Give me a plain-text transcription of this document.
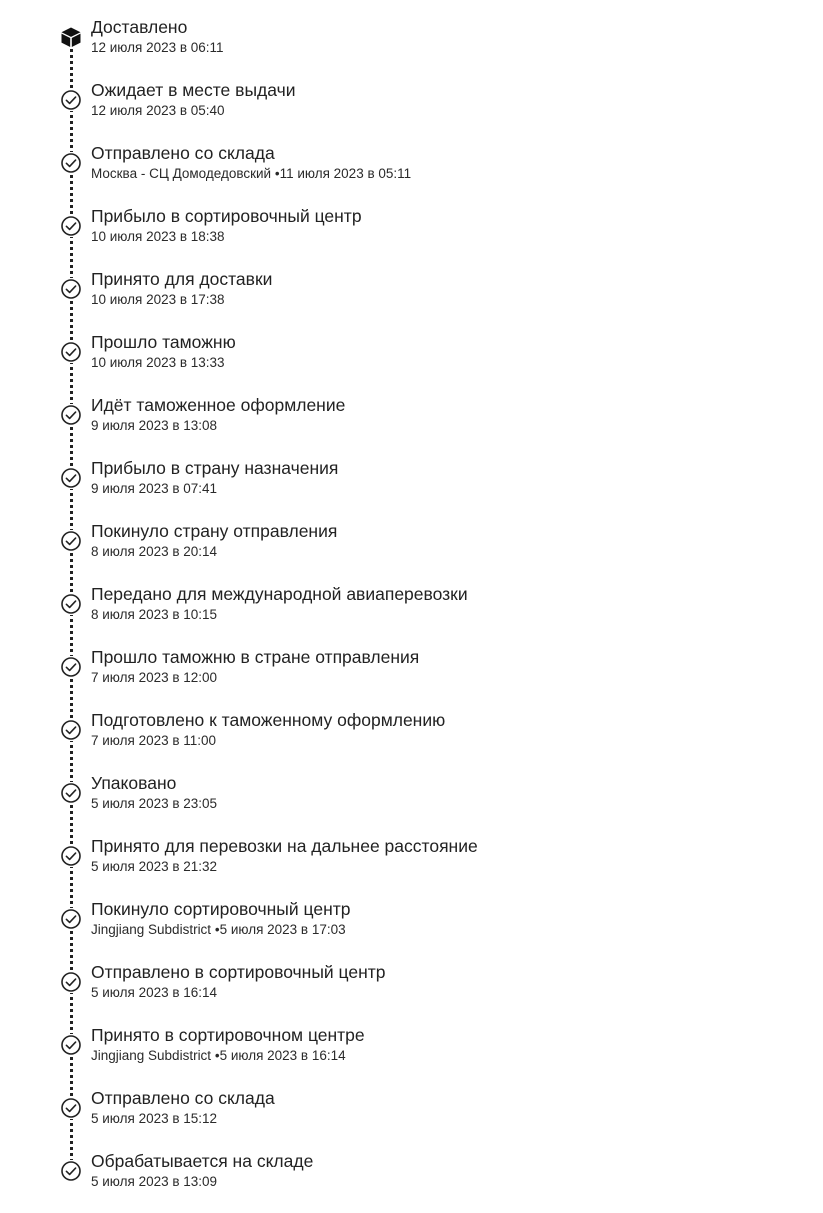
Доставлено
12 июля 2023 в 06:11
Ожидает в месте выдачи
12 июля 2023 в 05:40
Отправлено со склада
Москва - СЦ Домодедовский • 11 июля 2023 в 05:11
Прибыло в сортировочный центр
10 июля 2023 в 18:38
Принято для доставки
10 июля 2023 в 17:38
Прошло таможню
10 июля 2023 в 13:33
Идёт таможенное оформление
9 июля 2023 в 13:08
Прибыло в страну назначения
9 июля 2023 в 07:41
Покинуло страну отправления
8 июля 2023 в 20:14
Передано для международной авиаперевозки
8 июля 2023 в 10:15
Прошло таможню в стране отправления
7 июля 2023 в 12:00
Подготовлено к таможенному оформлению
7 июля 2023 в 11:00
Упаковано
5 июля 2023 в 23:05
Принято для перевозки на дальнее расстояние
5 июля 2023 в 21:32
Покинуло сортировочный центр
Jingjiang Subdistrict • 5 июля 2023 в 17:03
Отправлено в сортировочный центр
5 июля 2023 в 16:14
Принято в сортировочном центре
Jingjiang Subdistrict • 5 июля 2023 в 16:14
Отправлено со склада
5 июля 2023 в 15:12
Обрабатывается на складе
5 июля 2023 в 13:09
